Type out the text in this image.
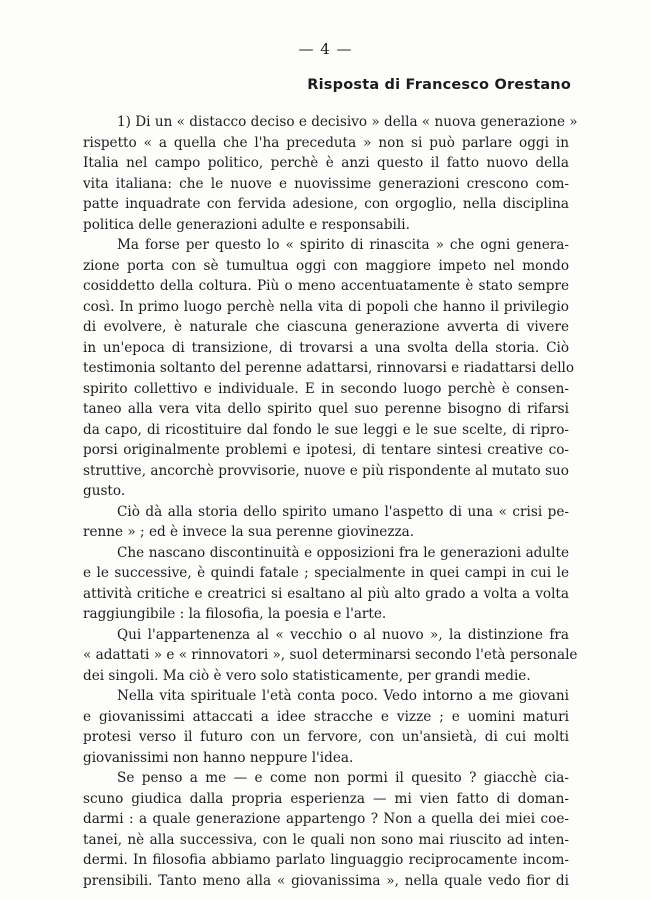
— 4 —
Risposta di Francesco Orestano
1) Di un « distacco deciso e decisivo » della « nuova generazione »
rispetto « a quella che l'ha preceduta » non si può parlare oggi in
Italia nel campo politico, perchè è anzi questo il fatto nuovo della
vita italiana: che le nuove e nuovissime generazioni crescono com-
patte inquadrate con fervida adesione, con orgoglio, nella disciplina
politica delle generazioni adulte e responsabili.
Ma forse per questo lo « spirito di rinascita » che ogni genera-
zione porta con sè tumultua oggi con maggiore impeto nel mondo
cosiddetto della coltura. Più o meno accentuatamente è stato sempre
così. In primo luogo perchè nella vita di popoli che hanno il privilegio
di evolvere, è naturale che ciascuna generazione avverta di vivere
in un'epoca di transizione, di trovarsi a una svolta della storia. Ciò
testimonia soltanto del perenne adattarsi, rinnovarsi e riadattarsi dello
spirito collettivo e individuale. E in secondo luogo perchè è consen-
taneo alla vera vita dello spirito quel suo perenne bisogno di rifarsi
da capo, di ricostituire dal fondo le sue leggi e le sue scelte, di ripro-
porsi originalmente problemi e ipotesi, di tentare sintesi creative co-
struttive, ancorchè provvisorie, nuove e più rispondente al mutato suo
gusto.
Ciò dà alla storia dello spirito umano l'aspetto di una « crisi pe-
renne » ; ed è invece la sua perenne giovinezza.
Che nascano discontinuità e opposizioni fra le generazioni adulte
e le successive, è quindi fatale ; specialmente in quei campi in cui le
attività critiche e creatrici si esaltano al più alto grado a volta a volta
raggiungibile : la filosofia, la poesia e l'arte.
Qui l'appartenenza al « vecchio o al nuovo », la distinzione fra
« adattati » e « rinnovatori », suol determinarsi secondo l'età personale
dei singoli. Ma ciò è vero solo statisticamente, per grandi medie.
Nella vita spirituale l'età conta poco. Vedo intorno a me giovani
e giovanissimi attaccati a idee stracche e vizze ; e uomini maturi
protesi verso il futuro con un fervore, con un'ansietà, di cui molti
giovanissimi non hanno neppure l'idea.
Se penso a me — e come non pormi il quesito ? giacchè cia-
scuno giudica dalla propria esperienza — mi vien fatto di doman-
darmi : a quale generazione appartengo ? Non a quella dei miei coe-
tanei, nè alla successiva, con le quali non sono mai riuscito ad inten-
dermi. In filosofia abbiamo parlato linguaggio reciprocamente incom-
prensibili. Tanto meno alla « giovanissima », nella quale vedo fior di
